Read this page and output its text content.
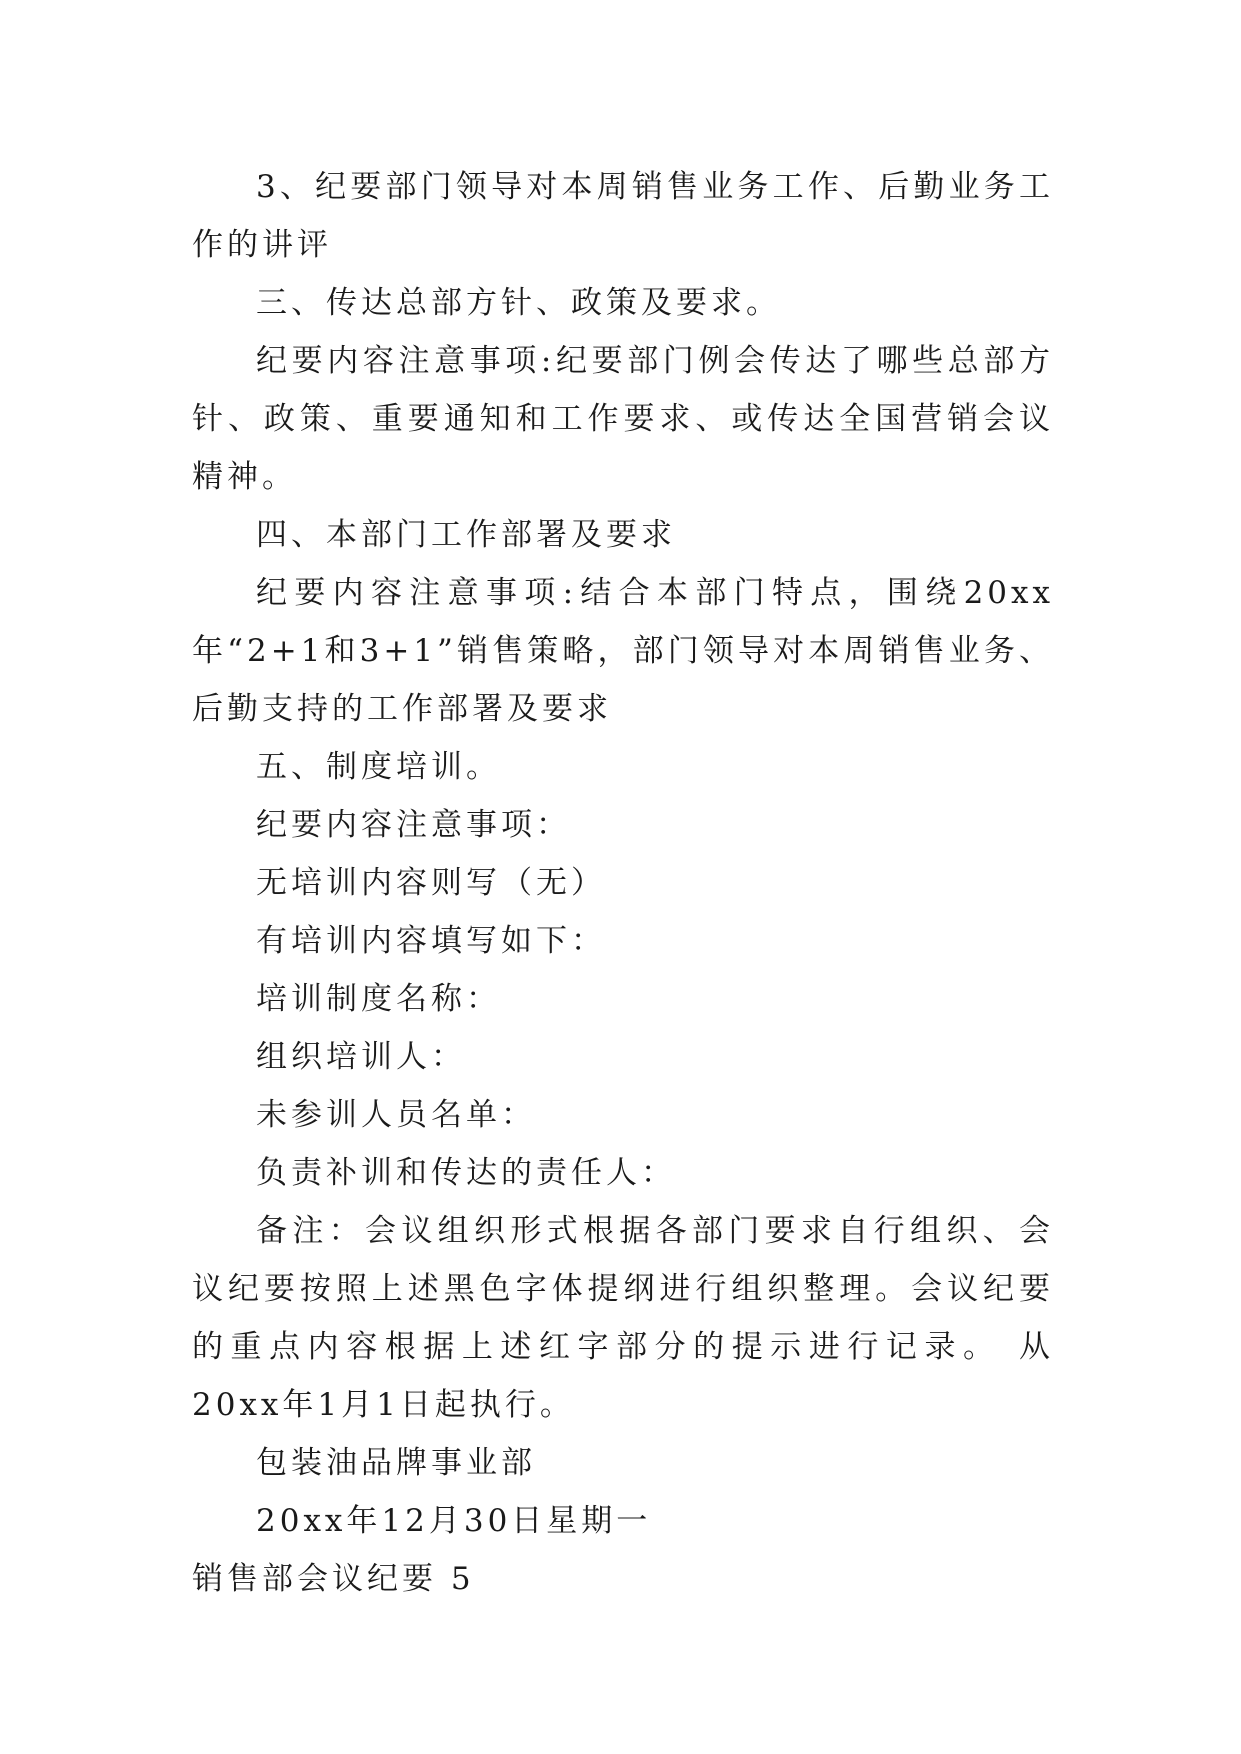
3、纪要部门领导对本周销售业务工作、后勤业务工作的讲评

三、传达总部方针、政策及要求。

纪要内容注意事项:纪要部门例会传达了哪些总部方针、政策、重要通知和工作要求、或传达全国营销会议精神。

四、本部门工作部署及要求

纪要内容注意事项:结合本部门特点，围绕20xx年“2+1和3+1”销售策略，部门领导对本周销售业务、后勤支持的工作部署及要求

五、制度培训。

纪要内容注意事项：

无培训内容则写（无）

有培训内容填写如下：

培训制度名称：

组织培训人：

未参训人员名单：

负责补训和传达的责任人：

备注：会议组织形式根据各部门要求自行组织、会议纪要按照上述黑色字体提纲进行组织整理。会议纪要的重点内容根据上述红字部分的提示进行记录。 从20xx年1月1日起执行。

包装油品牌事业部

20xx年12月30日星期一

销售部会议纪要 5
